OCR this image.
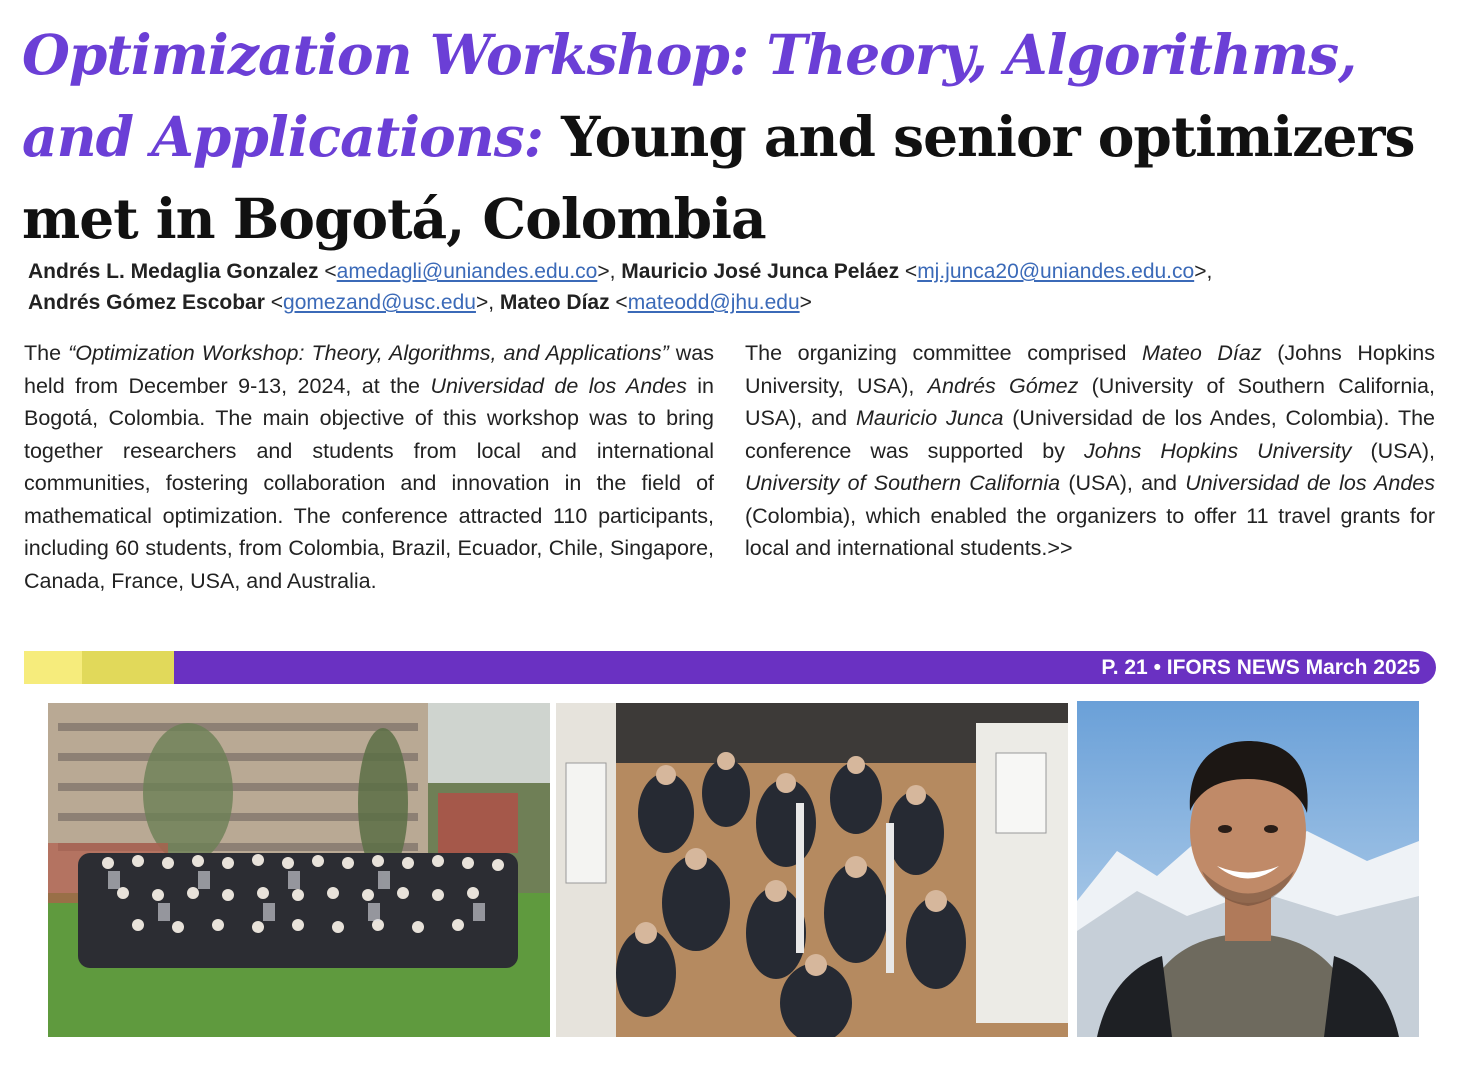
Optimization Workshop: Theory, Algorithms, and Applications: Young and senior optimizers met in Bogotá, Colombia
Andrés L. Medaglia Gonzalez <amedagli@uniandes.edu.co>, Mauricio José Junca Peláez <mj.junca20@uniandes.edu.co>,
Andrés Gómez Escobar <gomezand@usc.edu>, Mateo Díaz <mateodd@jhu.edu>
The “Optimization Workshop: Theory, Algorithms, and Applications” was held from December 9-13, 2024, at the Universidad de los Andes in Bogotá, Colombia. The main objective of this workshop was to bring together researchers and students from local and international communities, fostering collaboration and innovation in the field of mathematical optimization. The conference attracted 110 participants, including 60 students, from Colombia, Brazil, Ecuador, Chile, Singapore, Canada, France, USA, and Australia.
The organizing committee comprised Mateo Díaz (Johns Hopkins University, USA), Andrés Gómez (University of Southern California, USA), and Mauricio Junca (Universidad de los Andes, Colombia). The conference was supported by Johns Hopkins University (USA), University of Southern California (USA), and Universidad de los Andes (Colombia), which enabled the organizers to offer 11 travel grants for local and international students.>>
P. 21 • IFORS NEWS March 2025
